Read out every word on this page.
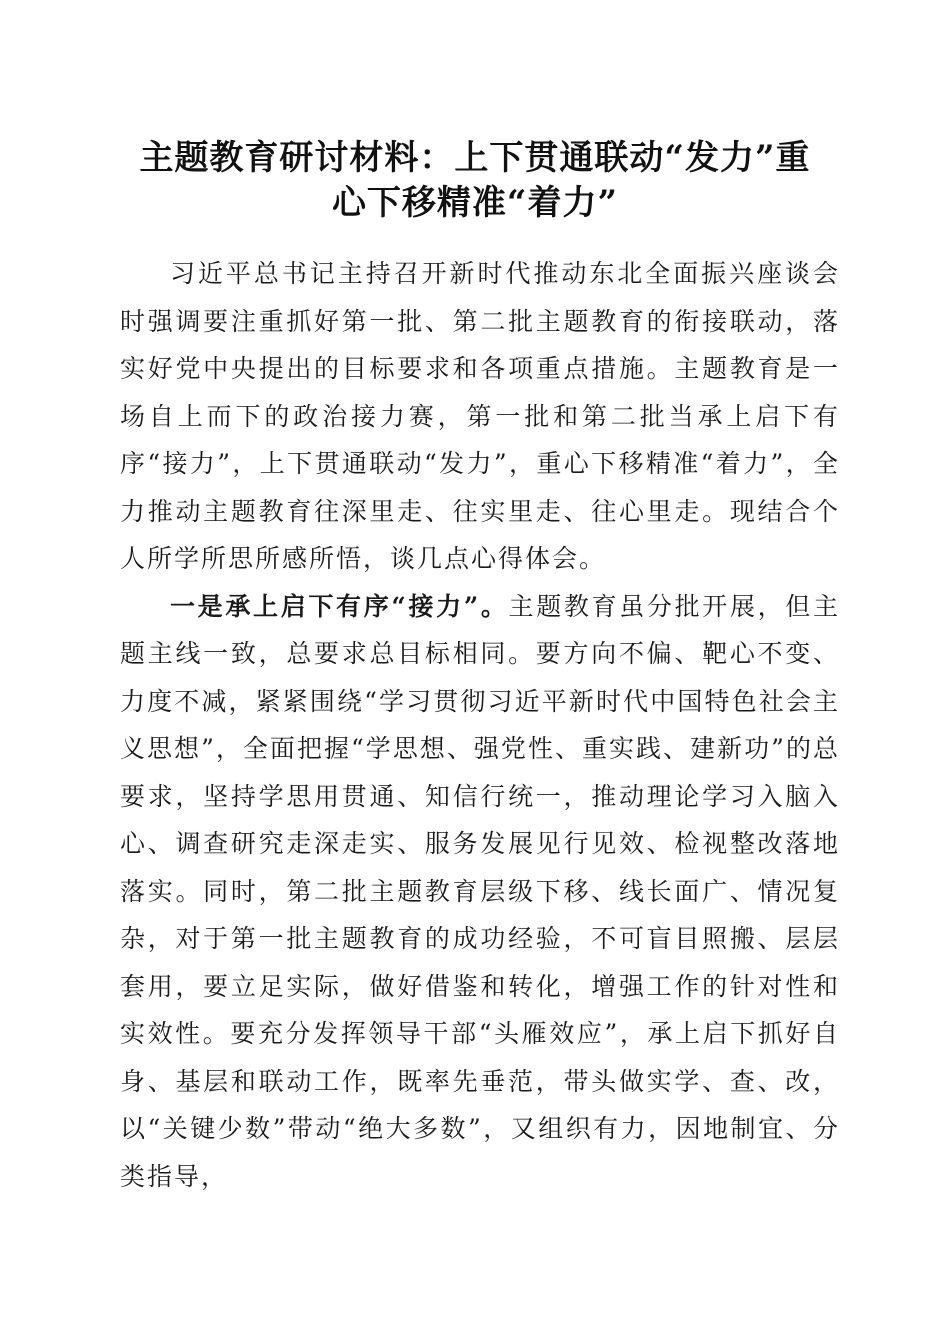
主题教育研讨材料：上下贯通联动“发力”重
心下移精准“着力”

习近平总书记主持召开新时代推动东北全面振兴座谈会时强调要注重抓好第一批、第二批主题教育的衔接联动，落实好党中央提出的目标要求和各项重点措施。主题教育是一场自上而下的政治接力赛，第一批和第二批当承上启下有序“接力”，上下贯通联动“发力”，重心下移精准“着力”，全力推动主题教育往深里走、往实里走、往心里走。现结合个人所学所思所感所悟，谈几点心得体会。

一是承上启下有序“接力”。主题教育虽分批开展，但主题主线一致，总要求总目标相同。要方向不偏、靶心不变、力度不减，紧紧围绕“学习贯彻习近平新时代中国特色社会主义思想”，全面把握“学思想、强党性、重实践、建新功”的总要求，坚持学思用贯通、知信行统一，推动理论学习入脑入心、调查研究走深走实、服务发展见行见效、检视整改落地落实。同时，第二批主题教育层级下移、线长面广、情况复杂，对于第一批主题教育的成功经验，不可盲目照搬、层层套用，要立足实际，做好借鉴和转化，增强工作的针对性和实效性。要充分发挥领导干部“头雁效应”，承上启下抓好自身、基层和联动工作，既率先垂范，带头做实学、查、改，以“关键少数”带动“绝大多数”，又组织有力，因地制宜、分类指导，
